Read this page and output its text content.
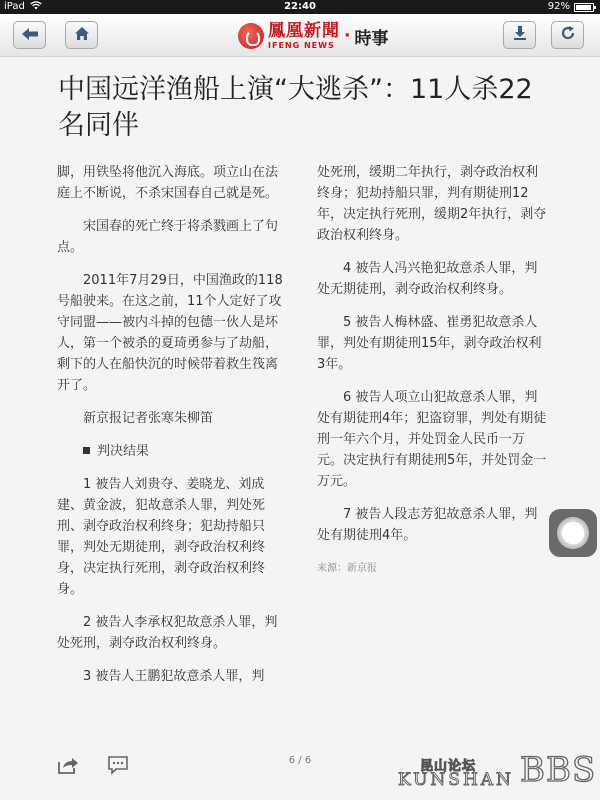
iPad	22:40	92%
鳳凰新聞
IFENG NEWS · 時事
中国远洋渔船上演“大逃杀”：11人杀22名同伴

脚，用铁坠将他沉入海底。项立山在法庭上不断说，不杀宋国春自己就是死。

宋国春的死亡终于将杀戮画上了句点。

2011年7月29日，中国渔政的118号船驶来。在这之前，11个人定好了攻守同盟——被内斗掉的包德一伙人是坏人，第一个被杀的夏琦勇参与了劫船，剩下的人在船快沉的时候带着救生筏离开了。

新京报记者张寒朱柳笛

判决结果

1 被告人刘贵夺、姜晓龙、刘成建、黄金波，犯故意杀人罪，判处死刑、剥夺政治权利终身；犯劫持船只罪，判处无期徒刑，剥夺政治权利终身，决定执行死刑，剥夺政治权利终身。

2 被告人李承权犯故意杀人罪，判处死刑，剥夺政治权利终身。

3 被告人王鹏犯故意杀人罪，判

处死刑，缓期二年执行，剥夺政治权利终身；犯劫持船只罪，判有期徒刑12年，决定执行死刑，缓期2年执行，剥夺政治权利终身。

4 被告人冯兴艳犯故意杀人罪，判处无期徒刑，剥夺政治权利终身。

5 被告人梅林盛、崔勇犯故意杀人罪，判处有期徒刑15年，剥夺政治权利3年。

6 被告人项立山犯故意杀人罪，判处有期徒刑4年；犯盗窃罪，判处有期徒刑一年六个月，并处罚金人民币一万元。决定执行有期徒刑5年，并处罚金一万元。

7 被告人段志芳犯故意杀人罪，判处有期徒刑4年。

来源：新京报

6 / 6	昆山论坛
KUNSHAN BBS
